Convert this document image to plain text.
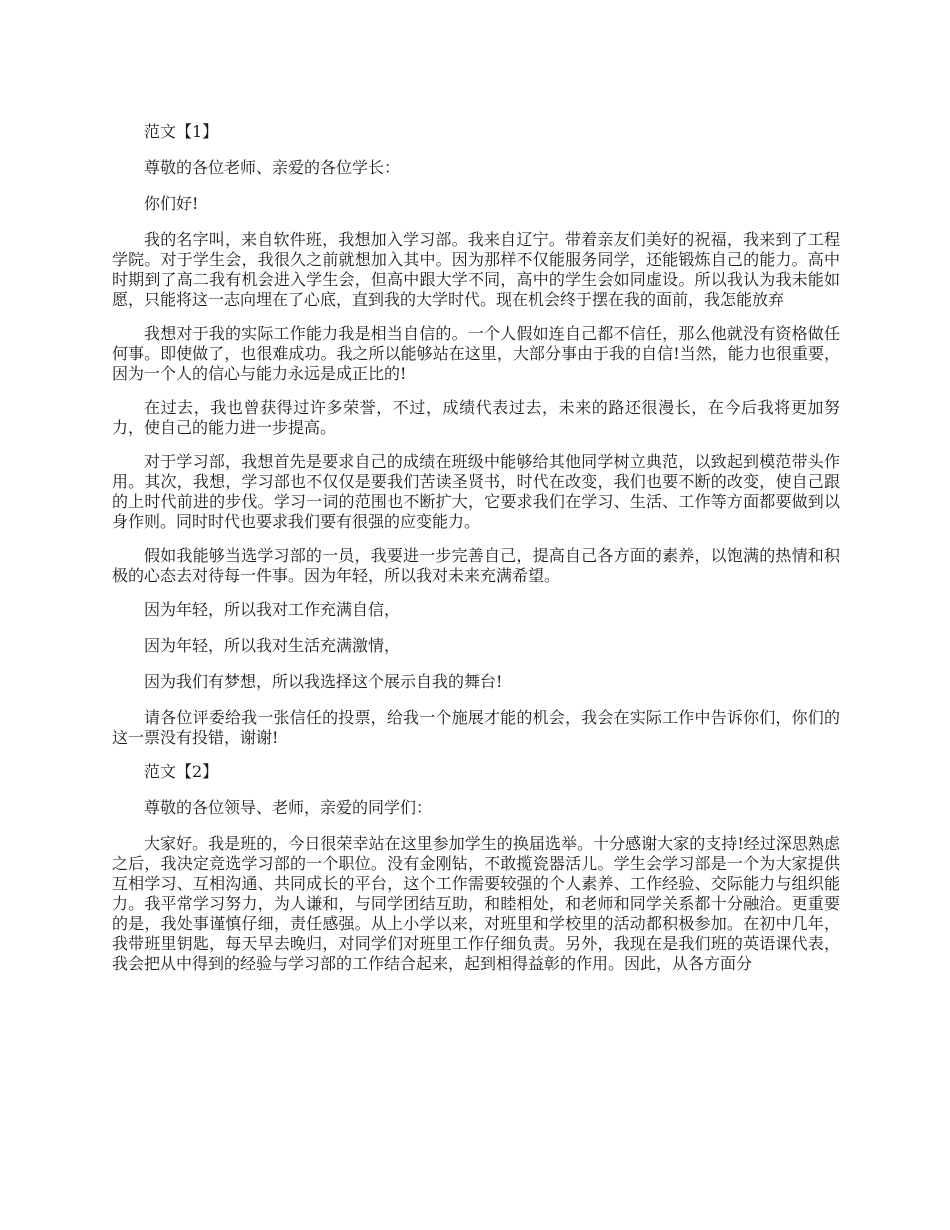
范文【1】

尊敬的各位老师、亲爱的各位学长：

你们好!

我的名字叫，来自软件班，我想加入学习部。我来自辽宁。带着亲友们美好的祝福，我来到了工程学院。对于学生会，我很久之前就想加入其中。因为那样不仅能服务同学，还能锻炼自己的能力。高中时期到了高二我有机会进入学生会，但高中跟大学不同，高中的学生会如同虚设。所以我认为我未能如愿，只能将这一志向埋在了心底，直到我的大学时代。现在机会终于摆在我的面前，我怎能放弃

我想对于我的实际工作能力我是相当自信的。一个人假如连自己都不信任，那么他就没有资格做任何事。即使做了，也很难成功。我之所以能够站在这里，大部分事由于我的自信!当然，能力也很重要，因为一个人的信心与能力永远是成正比的!

在过去，我也曾获得过许多荣誉，不过，成绩代表过去，未来的路还很漫长，在今后我将更加努力，使自己的能力进一步提高。

对于学习部，我想首先是要求自己的成绩在班级中能够给其他同学树立典范，以致起到模范带头作用。其次，我想，学习部也不仅仅是要我们苦读圣贤书，时代在改变，我们也要不断的改变，使自己跟的上时代前进的步伐。学习一词的范围也不断扩大，它要求我们在学习、生活、工作等方面都要做到以身作则。同时时代也要求我们要有很强的应变能力。

假如我能够当选学习部的一员，我要进一步完善自己，提高自己各方面的素养，以饱满的热情和积极的心态去对待每一件事。因为年轻，所以我对未来充满希望。

因为年轻，所以我对工作充满自信，

因为年轻，所以我对生活充满激情，

因为我们有梦想，所以我选择这个展示自我的舞台!

请各位评委给我一张信任的投票，给我一个施展才能的机会，我会在实际工作中告诉你们，你们的这一票没有投错，谢谢!

范文【2】

尊敬的各位领导、老师，亲爱的同学们：

大家好。我是班的，今日很荣幸站在这里参加学生的换届选举。十分感谢大家的支持!经过深思熟虑之后，我决定竞选学习部的一个职位。没有金刚钻，不敢揽瓷器活儿。学生会学习部是一个为大家提供互相学习、互相沟通、共同成长的平台，这个工作需要较强的个人素养、工作经验、交际能力与组织能力。我平常学习努力，为人谦和，与同学团结互助，和睦相处，和老师和同学关系都十分融洽。更重要的是，我处事谨慎仔细，责任感强。从上小学以来，对班里和学校里的活动都积极参加。在初中几年，我带班里钥匙，每天早去晚归，对同学们对班里工作仔细负责。另外，我现在是我们班的英语课代表，我会把从中得到的经验与学习部的工作结合起来，起到相得益彰的作用。因此，从各方面分
